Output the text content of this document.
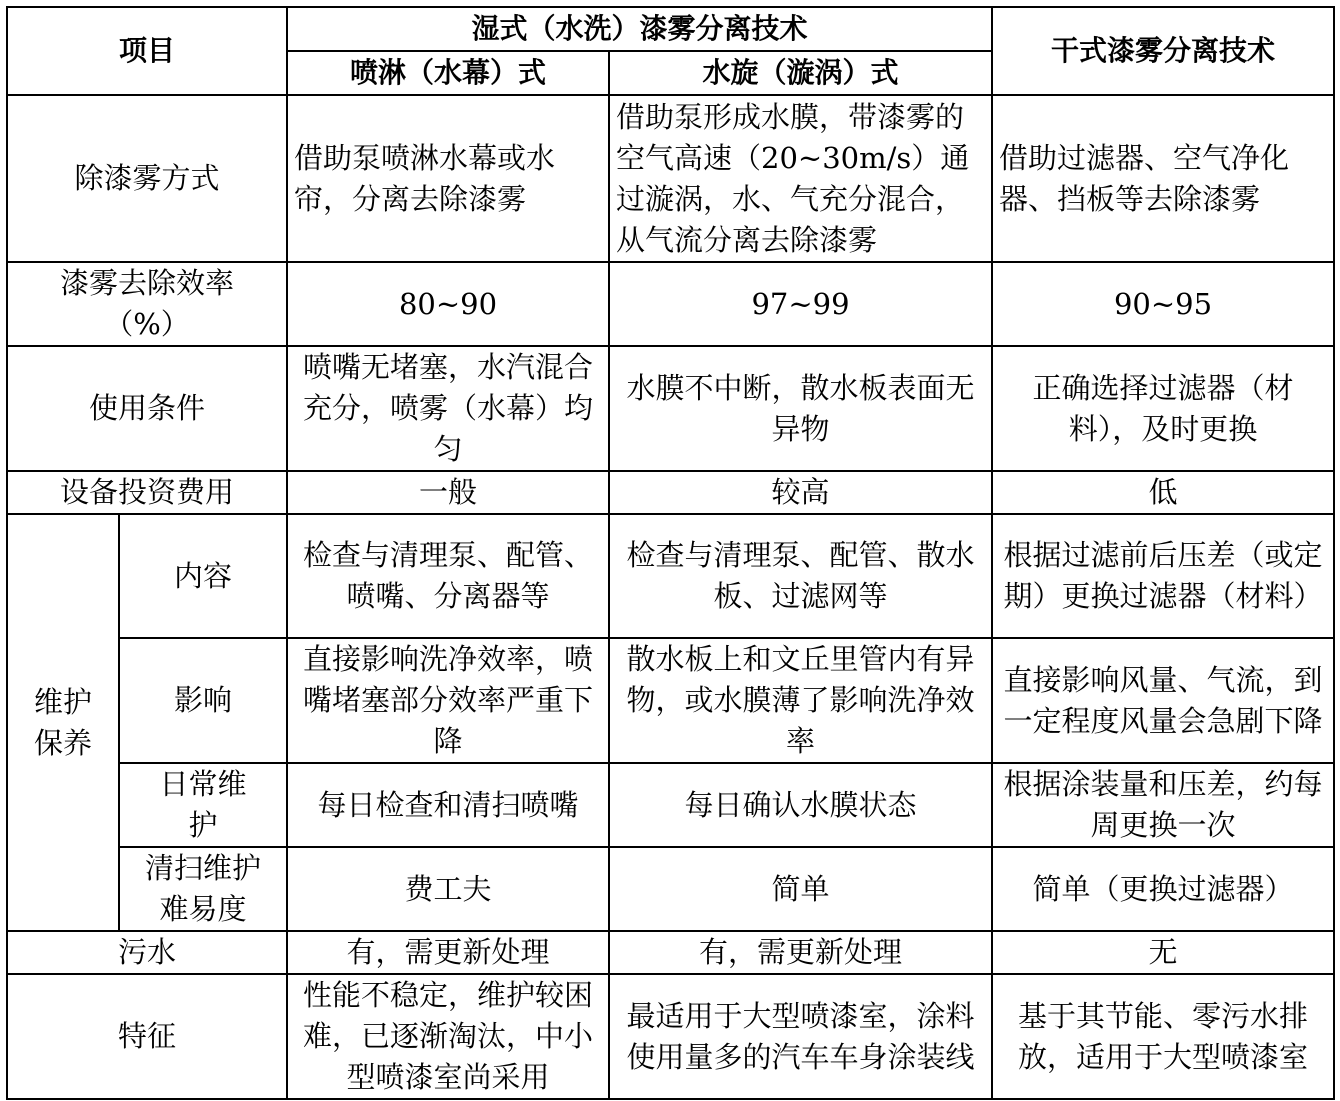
项目		湿式（水洗）漆雾分离技术		干式漆雾分离技术
		喷淋（水幕）式	水旋（漩涡）式	
除漆雾方式		借助泵喷淋水幕或水帘，分离去除漆雾	借助泵形成水膜，带漆雾的空气高速（20~30m/s）通过漩涡，水、气充分混合，从气流分离去除漆雾	借助过滤器、空气净化器、挡板等去除漆雾
漆雾去除效率（%）		80~90	97~99	90~95
使用条件		喷嘴无堵塞，水汽混合充分，喷雾（水幕）均匀	水膜不中断，散水板表面无异物	正确选择过滤器（材料），及时更换
设备投资费用		一般	较高	低
维护保养	内容	检查与清理泵、配管、喷嘴、分离器等	检查与清理泵、配管、散水板、过滤网等	根据过滤前后压差（或定期）更换过滤器（材料）
	影响	直接影响洗净效率，喷嘴堵塞部分效率严重下降	散水板上和文丘里管内有异物，或水膜薄了影响洗净效率	直接影响风量、气流，到一定程度风量会急剧下降
	日常维护	每日检查和清扫喷嘴	每日确认水膜状态	根据涂装量和压差，约每周更换一次
	清扫维护难易度	费工夫	简单	简单（更换过滤器）
污水		有，需更新处理	有，需更新处理	无
特征		性能不稳定，维护较困难，已逐渐淘汰，中小型喷漆室尚采用	最适用于大型喷漆室，涂料使用量多的汽车车身涂装线	基于其节能、零污水排放，适用于大型喷漆室
